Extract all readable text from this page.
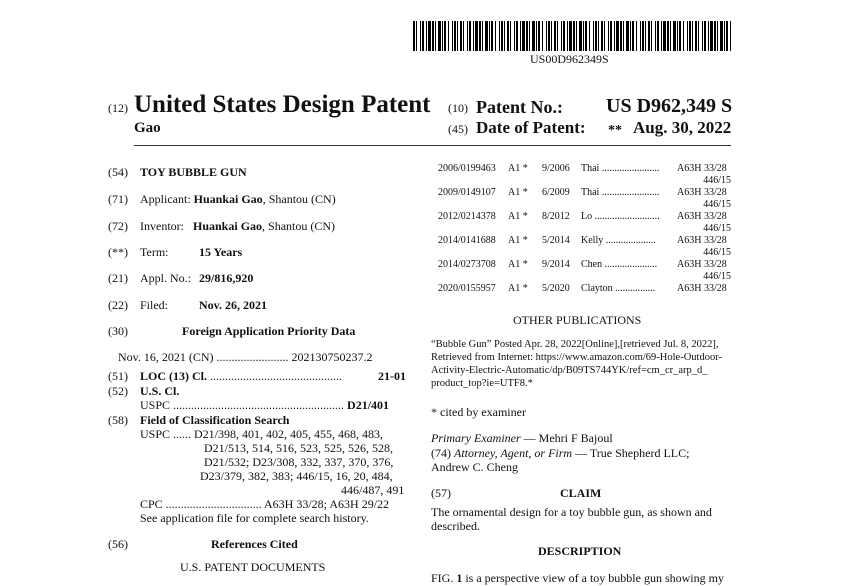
US00D962349S
(12) United States Design Patent
Gao
(10) Patent No.: US D962,349 S
(45) Date of Patent: ** Aug. 30, 2022
(54) TOY BUBBLE GUN
(71) Applicant: Huankai Gao, Shantou (CN)
(72) Inventor: Huankai Gao, Shantou (CN)
(**) Term:	15 Years
(21) Appl. No.: 29/816,920
(22) Filed:	Nov. 26, 2021
(30)	Foreign Application Priority Data
Nov. 16, 2021 (CN) ........................ 202130750237.2
(51) LOC (13) Cl. ............................................	21-01
(52) U.S. Cl.
USPC ......................................................... D21/401
(58) Field of Classification Search
USPC ...... D21/398, 401, 402, 405, 455, 468, 483,
D21/513, 514, 516, 523, 525, 526, 528,
D21/532; D23/308, 332, 337, 370, 376,
D23/379, 382, 383; 446/15, 16, 20, 484,
446/487, 491
CPC ................................ A63H 33/28; A63H 29/22
See application file for complete search history.
(56)	References Cited
U.S. PATENT DOCUMENTS
2006/0199463 A1 * 9/2006 Thai ....................... A63H 33/28
446/15
2009/0149107 A1 * 6/2009 Thai ....................... A63H 33/28
446/15
2012/0214378 A1 * 8/2012 Lo .......................... A63H 33/28
446/15
2014/0141688 A1 * 5/2014 Kelly .................... A63H 33/28
446/15
2014/0273708 A1 * 9/2014 Chen ..................... A63H 33/28
446/15
2020/0155957 A1 * 5/2020 Clayton ................ A63H 33/28
OTHER PUBLICATIONS
“Bubble Gun” Posted Apr. 28, 2022[Online],[retrieved Jul. 8, 2022],
Retrieved from Internet: https://www.amazon.com/69-Hole-Outdoor-
Activity-Electric-Automatic/dp/B09TS744YK/ref=cm_cr_arp_d_
product_top?ie=UTF8.*
* cited by examiner
Primary Examiner — Mehri F Bajoul
(74) Attorney, Agent, or Firm — True Shepherd LLC;
Andrew C. Cheng
(57)	CLAIM
The ornamental design for a toy bubble gun, as shown and
described.
DESCRIPTION
FIG. 1 is a perspective view of a toy bubble gun showing my
